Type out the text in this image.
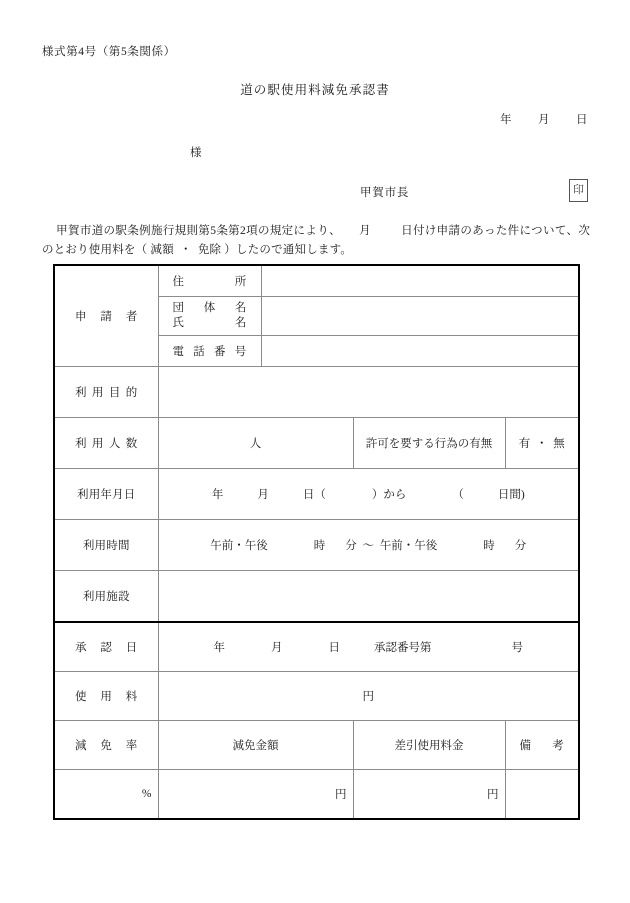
様式第4号（第5条関係）
道の駅使用料減免承認書
年 月 日
様
甲賀市長	印
甲賀市道の駅条例施行規則第5条第2項の規定により、 月	日付け申請のあった件について、次のとおり使用料を（ 減額 ・ 免除 ）したので通知します。
申請者	住所			

	団体名
氏名			

	電話番号			

利用目的				

利用人数	人		許可を要する行為の有無	有 ・ 無
利用年月日	年 月 日（ ）から （ 日間)			
利用時間	午前・午後 時 分 ～ 午前・午後 時 分			
利用施設				

承認日	年 月 日 承認番号第 号			

使用料	円			

減免率	減免金額		差引使用料金	備考

%	円		円	
